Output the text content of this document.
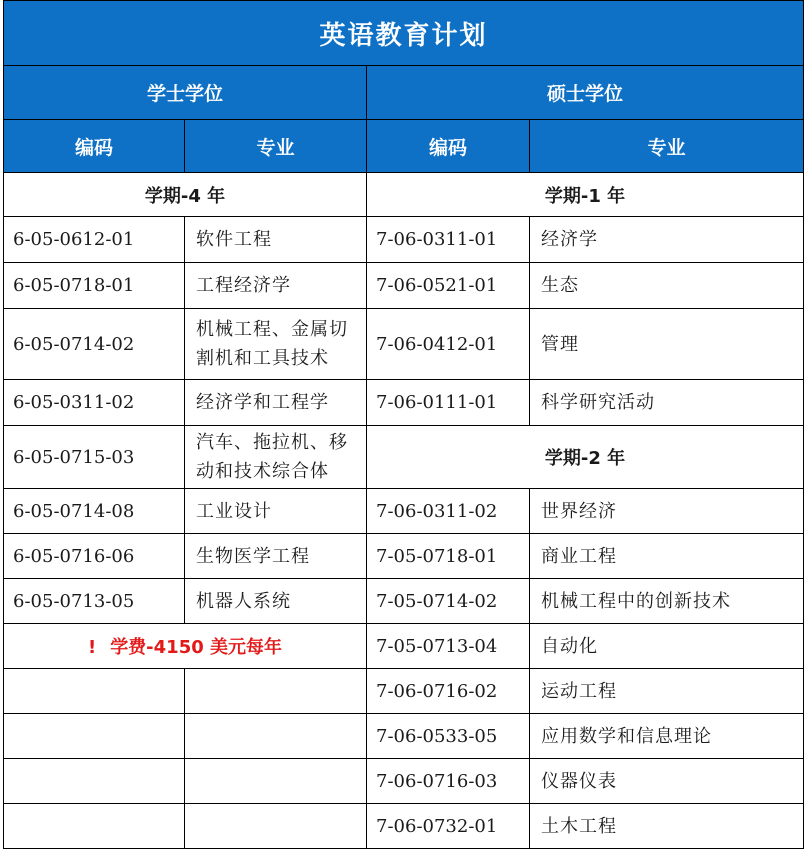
英语教育计划			
学士学位		硕士学位	
编码	专业	编码	专业
学期-4 年		学期-1 年	
6-05-0612-01	软件工程	7-06-0311-01	经济学
6-05-0718-01	工程经济学	7-06-0521-01	生态
6-05-0714-02	机械工程、金属切割机和工具技术	7-06-0412-01	管理
6-05-0311-02	经济学和工程学	7-06-0111-01	科学研究活动
6-05-0715-03	汽车、拖拉机、移动和技术综合体	学期-2 年	
6-05-0714-08	工业设计	7-06-0311-02	世界经济
6-05-0716-06	生物医学工程	7-05-0718-01	商业工程
6-05-0713-05	机器人系统	7-05-0714-02	机械工程中的创新技术
! 学费-4150 美元每年		7-05-0713-04	自动化
		7-06-0716-02	运动工程
		7-06-0533-05	应用数学和信息理论
		7-06-0716-03	仪器仪表
		7-06-0732-01	土木工程
